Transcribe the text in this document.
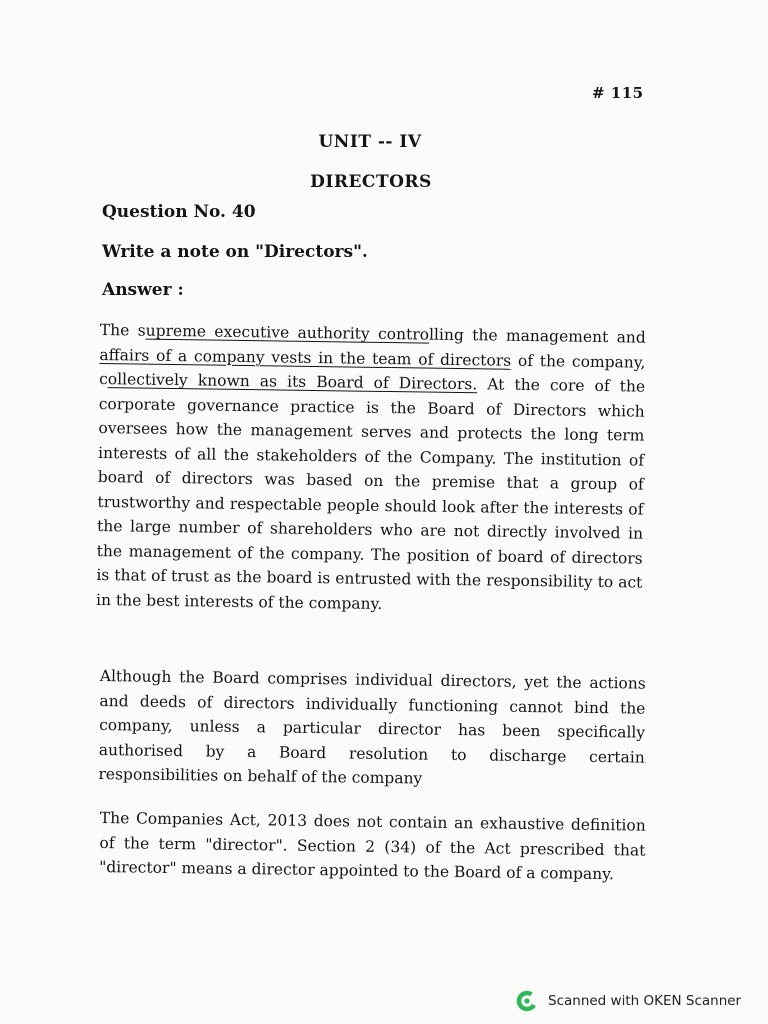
# 115
UNIT -- IV
DIRECTORS
Question No. 40
Write a note on "Directors".
Answer :

The supreme executive authority controlling the management and affairs of a company vests in the team of directors of the company, collectively known as its Board of Directors. At the core of the corporate governance practice is the Board of Directors which oversees how the management serves and protects the long term interests of all the stakeholders of the Company. The institution of board of directors was based on the premise that a group of trustworthy and respectable people should look after the interests of the large number of shareholders who are not directly involved in the management of the company. The position of board of directors is that of trust as the board is entrusted with the responsibility to act in the best interests of the company.

Although the Board comprises individual directors, yet the actions and deeds of directors individually functioning cannot bind the company, unless a particular director has been specifically authorised by a Board resolution to discharge certain responsibilities on behalf of the company

The Companies Act, 2013 does not contain an exhaustive definition of the term "director". Section 2 (34) of the Act prescribed that "director" means a director appointed to the Board of a company.

Scanned with OKEN Scanner
